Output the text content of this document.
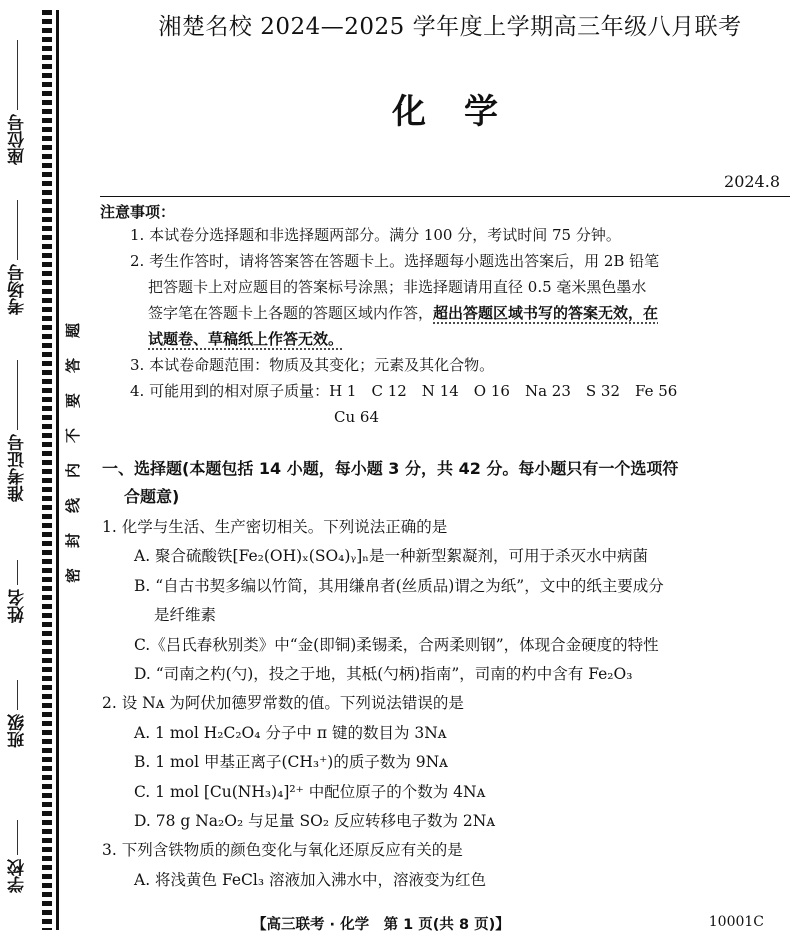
座位号
考场号
准考证号
姓名
班级
学校
题
答
要
不
内
线
封
密
湘楚名校 2024—2025 学年度上学期高三年级八月联考
化学
2024.8
注意事项：

1. 本试卷分选择题和非选择题两部分。满分 100 分，考试时间 75 分钟。

2. 考生作答时，请将答案答在答题卡上。选择题每小题选出答案后，用 2B 铅笔

把答题卡上对应题目的答案标号涂黑；非选择题请用直径 0.5 毫米黑色墨水

签字笔在答题卡上各题的答题区域内作答，超出答题区域书写的答案无效，在

试题卷、草稿纸上作答无效。

3. 本试卷命题范围：物质及其变化；元素及其化合物。

4. 可能用到的相对原子质量：H 1　C 12　N 14　O 16　Na 23　S 32　Fe 56

Cu 64

一、选择题(本题包括 14 小题，每小题 3 分，共 42 分。每小题只有一个选项符
合题意)

1. 化学与生活、生产密切相关。下列说法正确的是

A. 聚合硫酸铁[Fe₂(OH)ₓ(SO₄)ᵧ]ₙ是一种新型絮凝剂，可用于杀灭水中病菌

B. “自古书契多编以竹简，其用缣帛者(丝质品)谓之为纸”，文中的纸主要成分

是纤维素

C.《吕氏春秋别类》中“金(即铜)柔锡柔，合两柔则钢”，体现合金硬度的特性

D. “司南之杓(勺)，投之于地，其柢(勺柄)指南”，司南的杓中含有 Fe₂O₃

2. 设 Nᴀ 为阿伏加德罗常数的值。下列说法错误的是

A. 1 mol H₂C₂O₄ 分子中 π 键的数目为 3Nᴀ

B. 1 mol 甲基正离子(CH₃⁺)的质子数为 9Nᴀ

C. 1 mol [Cu(NH₃)₄]²⁺ 中配位原子的个数为 4Nᴀ

D. 78 g Na₂O₂ 与足量 SO₂ 反应转移电子数为 2Nᴀ

3. 下列含铁物质的颜色变化与氧化还原反应有关的是

A. 将浅黄色 FeCl₃ 溶液加入沸水中，溶液变为红色

【高三联考 · 化学　第 1 页(共 8 页)】	10001C
